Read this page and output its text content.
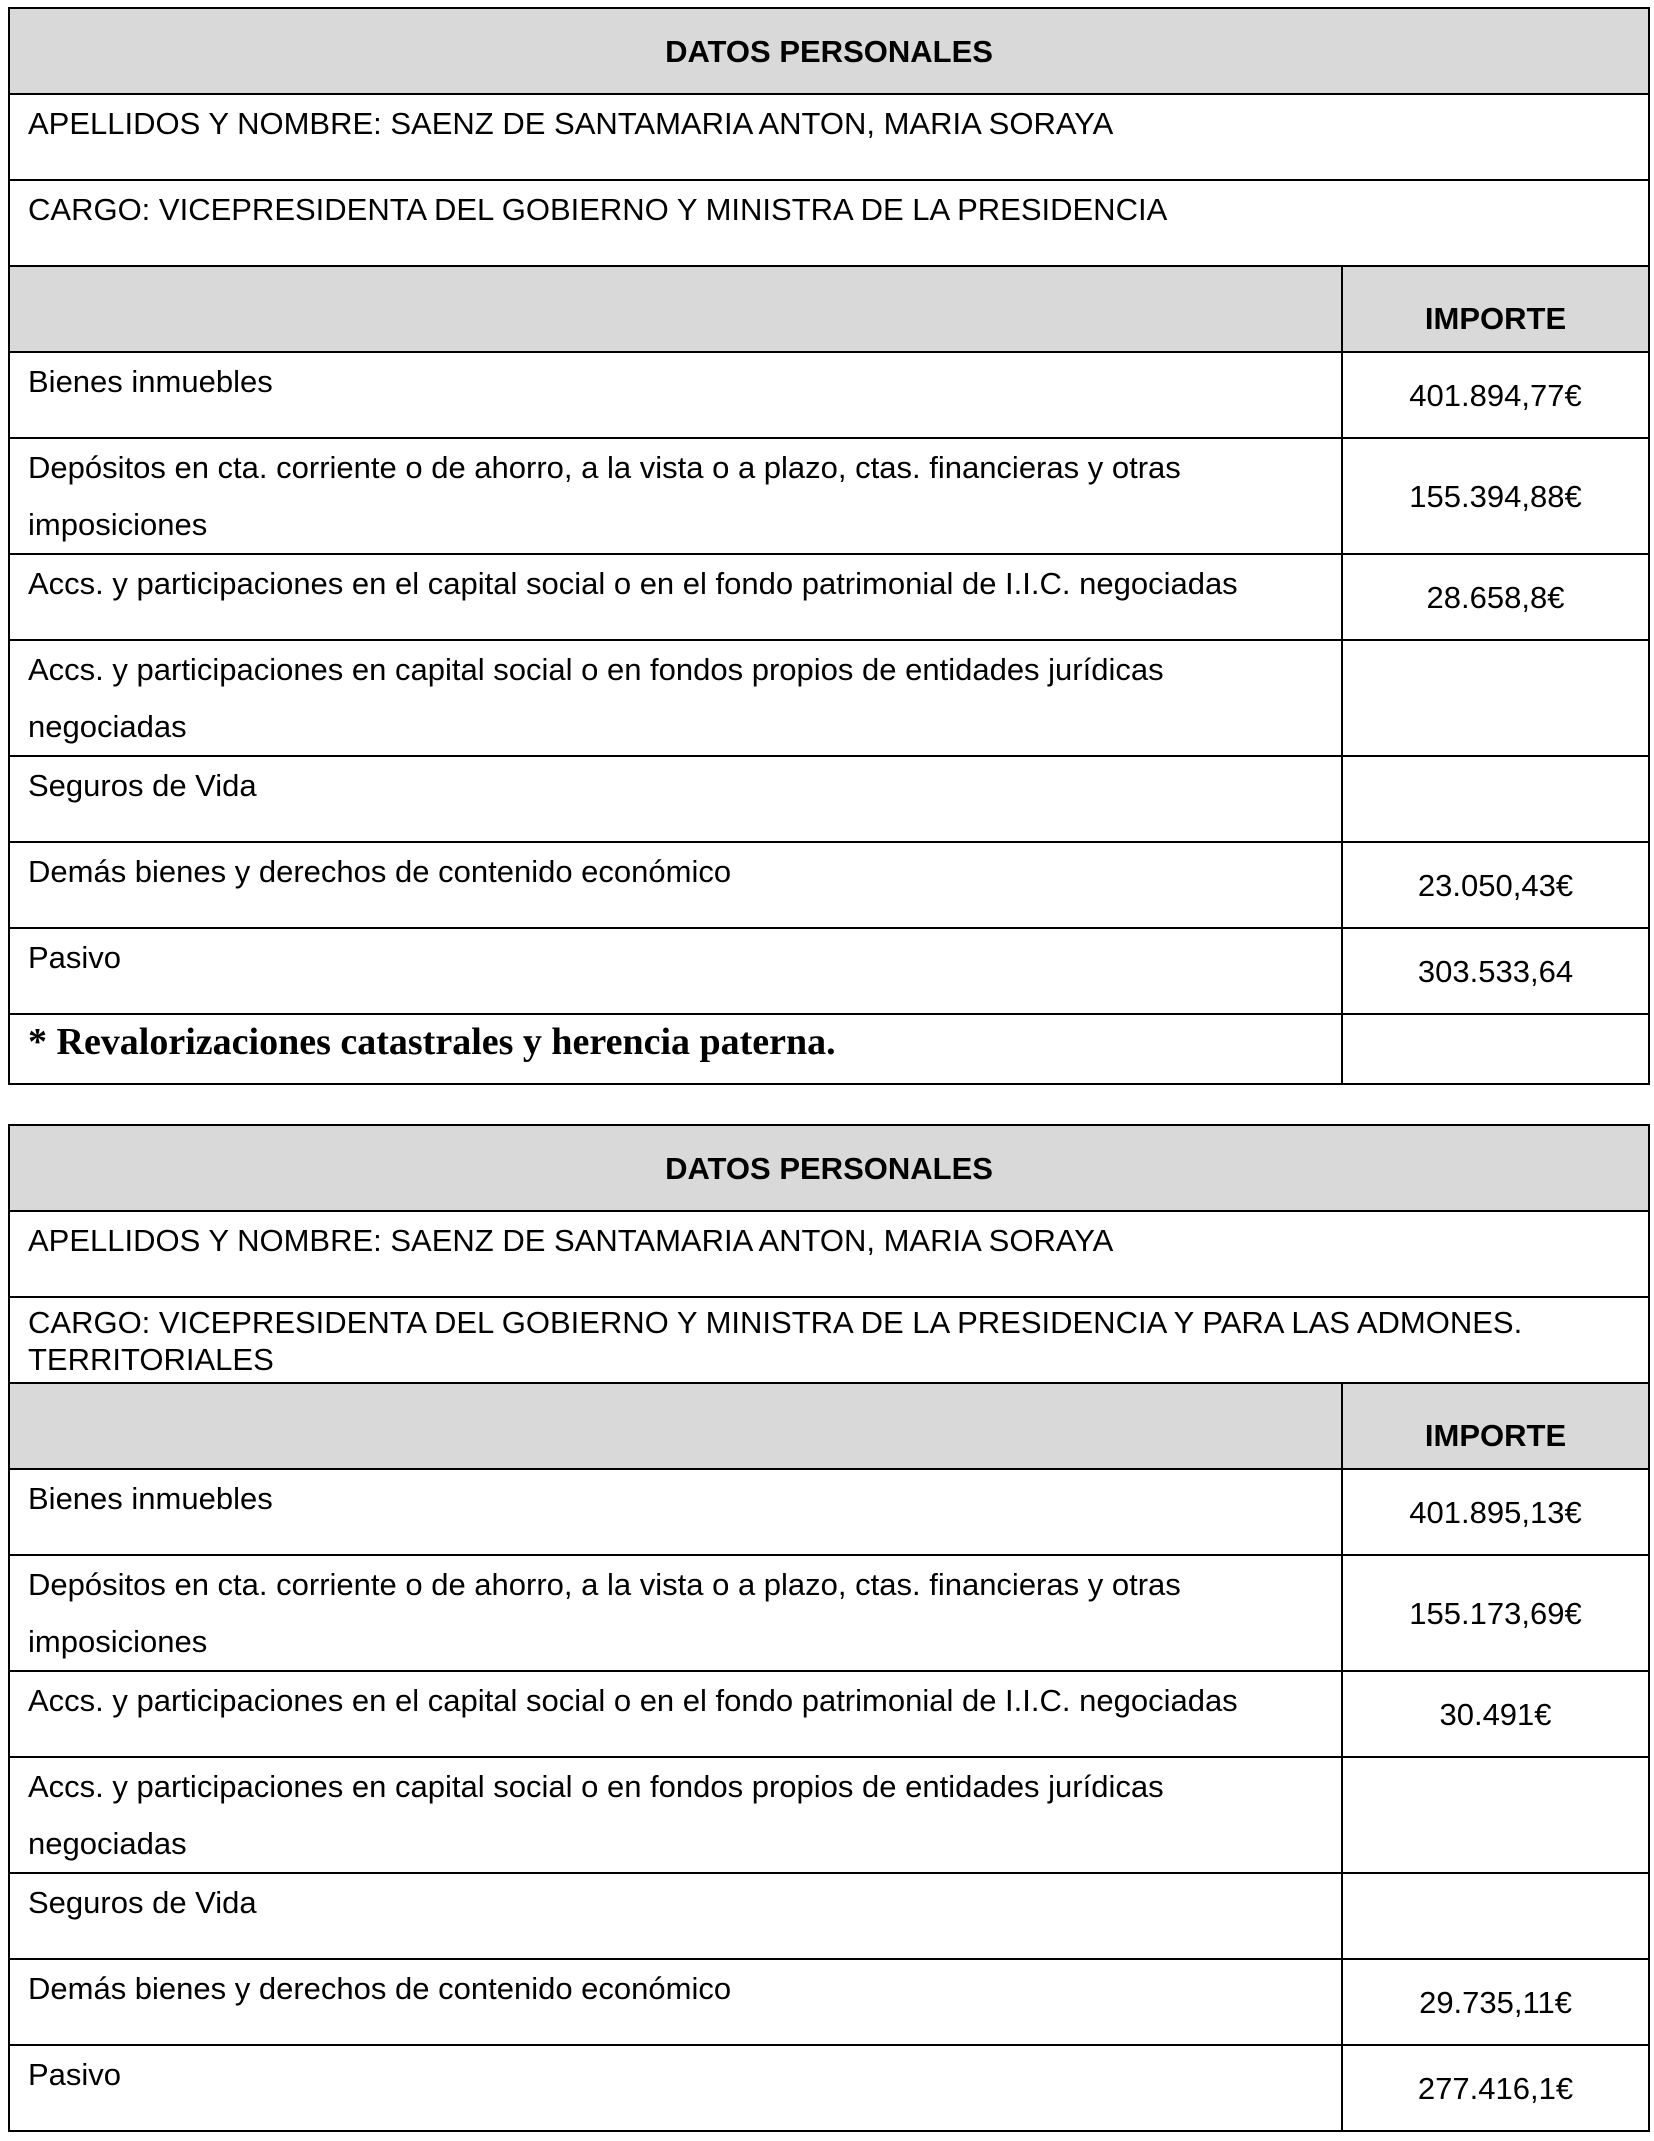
DATOS PERSONALES	
APELLIDOS Y NOMBRE: SAENZ DE SANTAMARIA ANTON, MARIA SORAYA	
CARGO: VICEPRESIDENTA DEL GOBIERNO Y MINISTRA DE LA PRESIDENCIA	
	IMPORTE
Bienes inmuebles	401.894,77€
Depósitos en cta. corriente o de ahorro, a la vista o a plazo, ctas. financieras y otras imposiciones	155.394,88€
Accs. y participaciones en el capital social o en el fondo patrimonial de I.I.C. negociadas	28.658,8€
Accs. y participaciones en capital social o en fondos propios de entidades jurídicas negociadas	
Seguros de Vida	
Demás bienes y derechos de contenido económico	23.050,43€
Pasivo	303.533,64
* Revalorizaciones catastrales y herencia paterna.	
DATOS PERSONALES	
APELLIDOS Y NOMBRE: SAENZ DE SANTAMARIA ANTON, MARIA SORAYA	
CARGO: VICEPRESIDENTA DEL GOBIERNO Y MINISTRA DE LA PRESIDENCIA Y PARA LAS ADMONES. TERRITORIALES	
	IMPORTE
Bienes inmuebles	401.895,13€
Depósitos en cta. corriente o de ahorro, a la vista o a plazo, ctas. financieras y otras imposiciones	155.173,69€
Accs. y participaciones en el capital social o en el fondo patrimonial de I.I.C. negociadas	30.491€
Accs. y participaciones en capital social o en fondos propios de entidades jurídicas negociadas	
Seguros de Vida	
Demás bienes y derechos de contenido económico	29.735,11€
Pasivo	277.416,1€
